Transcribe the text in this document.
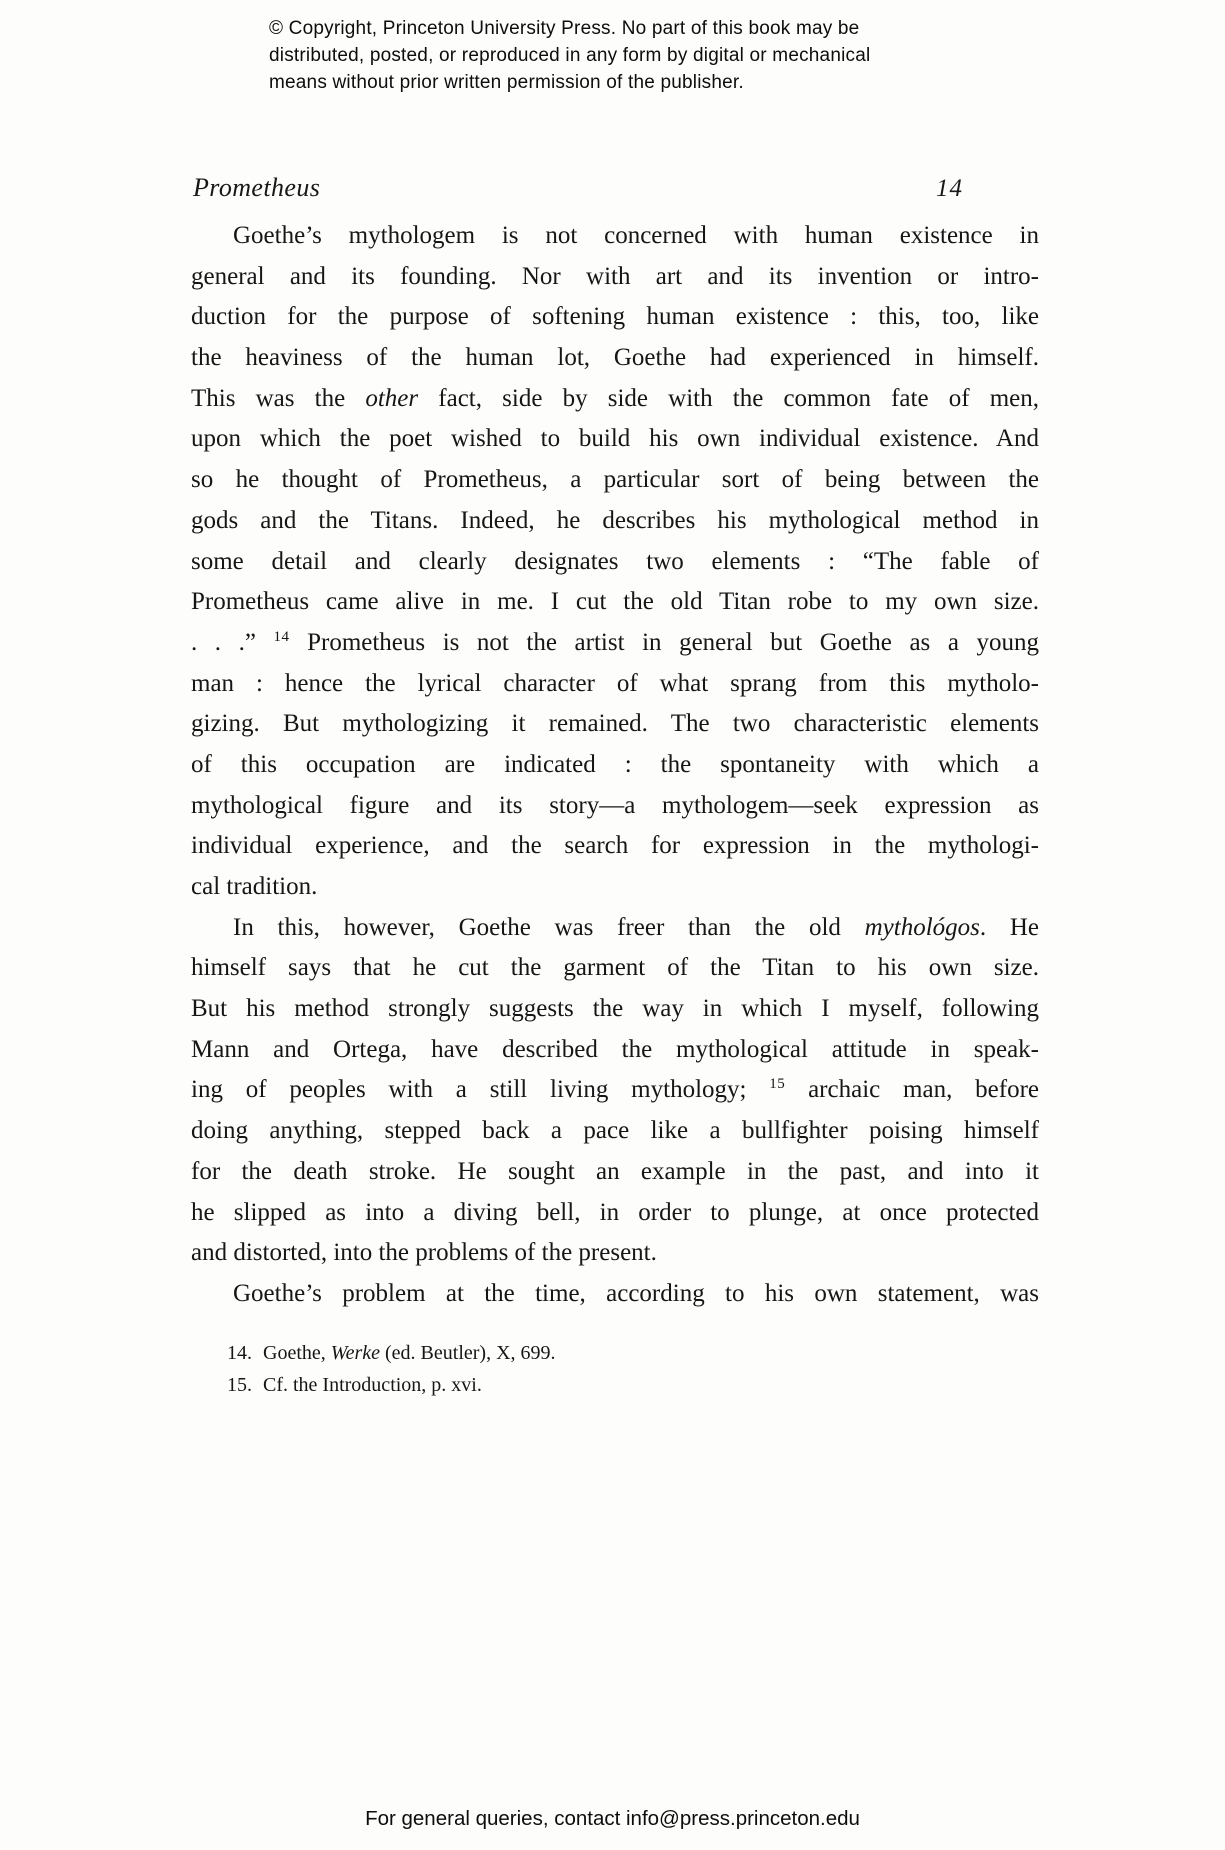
© Copyright, Princeton University Press. No part of this book may be
distributed, posted, or reproduced in any form by digital or mechanical
means without prior written permission of the publisher.
Prometheus	14
Goethe’s mythologem is not concerned with human existence in
general and its founding. Nor with art and its invention or intro-
duction for the purpose of softening human existence : this, too, like
the heaviness of the human lot, Goethe had experienced in himself.
This was the other fact, side by side with the common fate of men,
upon which the poet wished to build his own individual existence. And
so he thought of Prometheus, a particular sort of being between the
gods and the Titans. Indeed, he describes his mythological method in
some detail and clearly designates two elements : “The fable of
Prometheus came alive in me. I cut the old Titan robe to my own size.
. . .” $^{14}$ Prometheus is not the artist in general but Goethe as a young
man : hence the lyrical character of what sprang from this mytholo-
gizing. But mythologizing it remained. The two characteristic elements
of this occupation are indicated : the spontaneity with which a
mythological figure and its story—a mythologem—seek expression as
individual experience, and the search for expression in the mythologi-
cal tradition.
In this, however, Goethe was freer than the old mythológos. He
himself says that he cut the garment of the Titan to his own size.
But his method strongly suggests the way in which I myself, following
Mann and Ortega, have described the mythological attitude in speak-
ing of peoples with a still living mythology; $^{15}$ archaic man, before
doing anything, stepped back a pace like a bullfighter poising himself
for the death stroke. He sought an example in the past, and into it
he slipped as into a diving bell, in order to plunge, at once protected
and distorted, into the problems of the present.
Goethe’s problem at the time, according to his own statement, was
14. Goethe, Werke (ed. Beutler), X, 699.
15. Cf. the Introduction, p. xvi.
For general queries, contact info@press.princeton.edu
